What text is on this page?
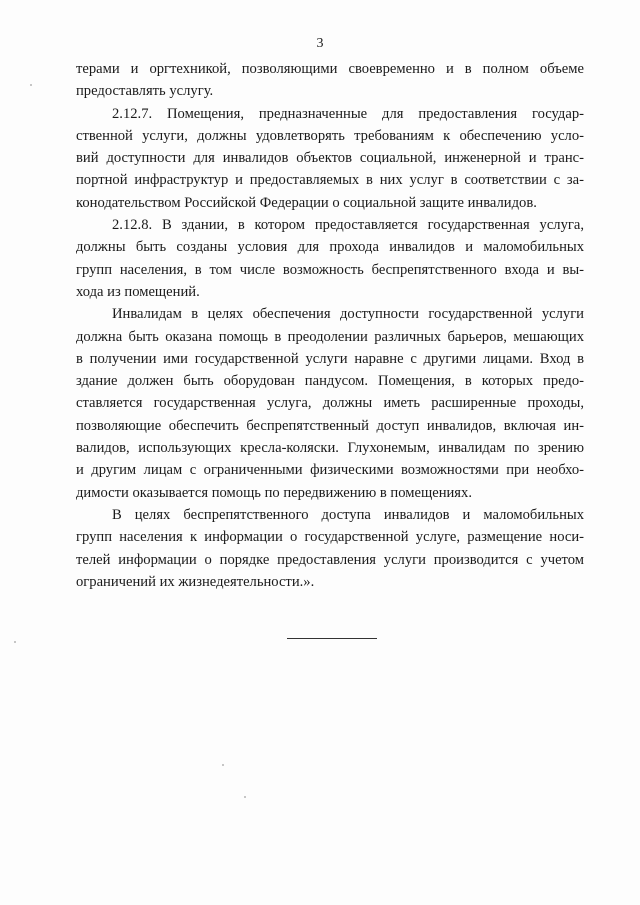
3
терами и оргтехникой, позволяющими своевременно и в полном объеме
предоставлять услугу.
2.12.7. Помещения, предназначенные для предоставления государ-
ственной услуги, должны удовлетворять требованиям к обеспечению усло-
вий доступности для инвалидов объектов социальной, инженерной и транс-
портной инфраструктур и предоставляемых в них услуг в соответствии с за-
конодательством Российской Федерации о социальной защите инвалидов.
2.12.8. В здании, в котором предоставляется государственная услуга,
должны быть созданы условия для прохода инвалидов и маломобильных
групп населения, в том числе возможность беспрепятственного входа и вы-
хода из помещений.
Инвалидам в целях обеспечения доступности государственной услуги
должна быть оказана помощь в преодолении различных барьеров, мешающих
в получении ими государственной услуги наравне с другими лицами. Вход в
здание должен быть оборудован пандусом. Помещения, в которых предо-
ставляется государственная услуга, должны иметь расширенные проходы,
позволяющие обеспечить беспрепятственный доступ инвалидов, включая ин-
валидов, использующих кресла-коляски. Глухонемым, инвалидам по зрению
и другим лицам с ограниченными физическими возможностями при необхо-
димости оказывается помощь по передвижению в помещениях.
В целях беспрепятственного доступа инвалидов и маломобильных
групп населения к информации о государственной услуге, размещение носи-
телей информации о порядке предоставления услуги производится с учетом
ограничений их жизнедеятельности.».
